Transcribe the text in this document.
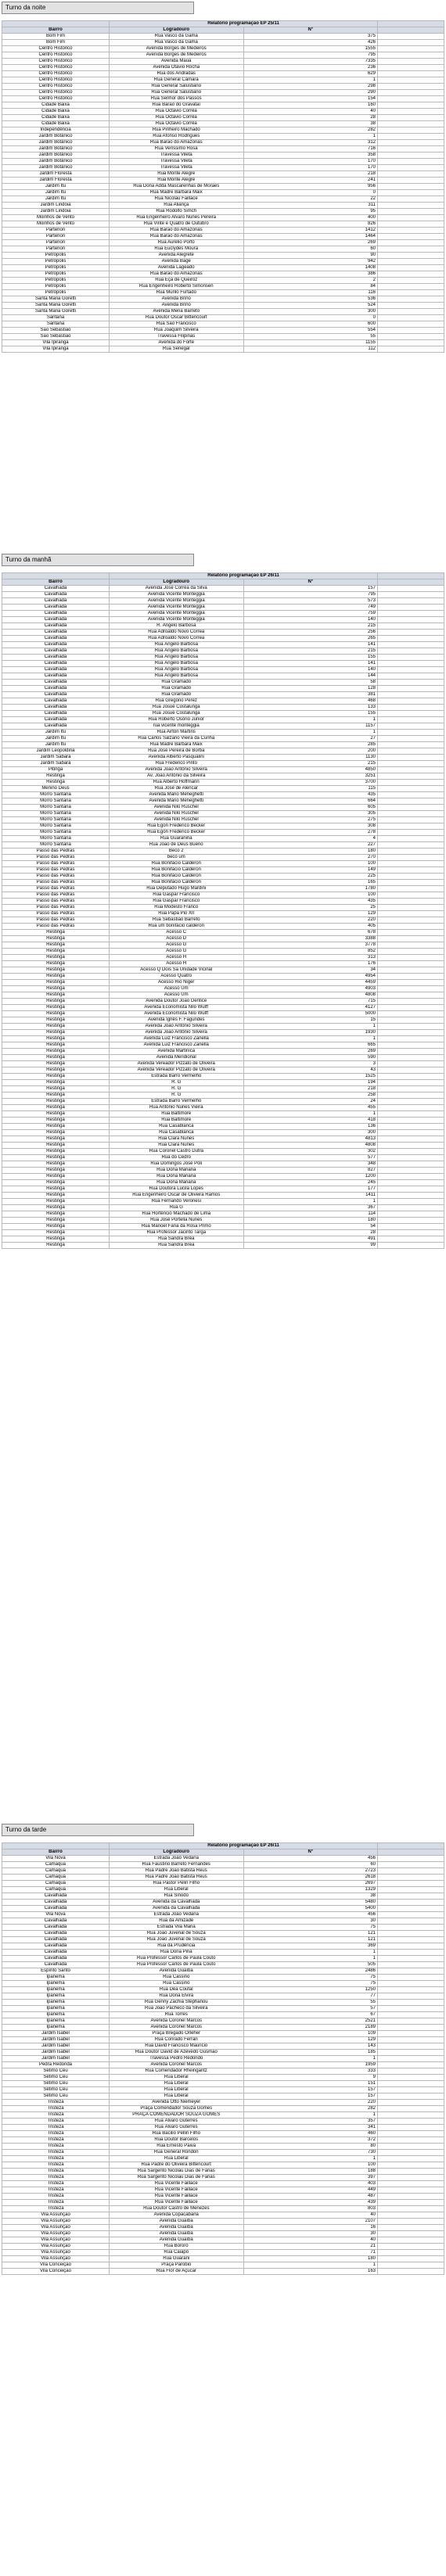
Turno da noite
	Relatório programação EP 25/11		
Bairro	Logradouro	Nº	
Bom Fim	Rua Vasco da Gama	375	
Bom Fim	Rua Vasco da Gama	426	
Centro Histórico	Avenida Borges de Medeiros	1555	
Centro Histórico	Avenida Borges de Medeiros	795	
Centro Histórico	Avenida Mauá	7335	
Centro Histórico	Avenida Otávio Rocha	236	
Centro Histórico	Rua dos Andradas	629	
Centro Histórico	Rua General Câmara	1	
Centro Histórico	Rua General Salustiano	298	
Centro Histórico	Rua General Salustiano	290	
Centro Histórico	Rua Senhor dos Passos	154	
Cidade Baixa	Rua Barão do Gravataí	160	
Cidade Baixa	Rua Octávio Corrêa	40	
Cidade Baixa	Rua Octávio Corrêa	28	
Cidade Baixa	Rua Octávio Corrêa	38	
Independência	Rua Pinheiro Machado	282	
Jardim Botânico	Rua Afonso Rodrigues	1	
Jardim Botânico	Rua Barão do Amazonas	312	
Jardim Botânico	Rua Veríssimo Rosa	716	
Jardim Botânico	Travessa Vileta	358	
Jardim Botânico	Travessa Vileta	170	
Jardim Botânico	Travessa Vileta	170	
Jardim Floresta	Rua Monte Alegre	218	
Jardim Floresta	Rua Monte Alegre	241	
Jardim Itu	Rua Dona Adda Mascarenhas de Moraes	956	
Jardim Itu	Rua Madre Bárbara Maix	0	
Jardim Itu	Rua Nicolau Faillace	22	
Jardim Lindóia	Rua Aliança	311	
Jardim Lindóia	Rua Rodolfo Simch	95	
Moinhos de Vento	Rua Engenheiro Alvaro Nunes Pereira	400	
Moinhos de Vento	Rua Vinte e Quatro de Outubro	826	
Partenon	Rua Barão do Amazonas	1412	
Partenon	Rua Barão do Amazonas	1464	
Partenon	Rua Aurélio Porto	269	
Partenon	Rua Euclydes Moura	60	
Petrópolis	Avenida Alegrete	90	
Petrópolis	Avenida Bagé	942	
Petrópolis	Avenida Lageado	1408	
Petrópolis	Rua Barão do Amazonas	386	
Petrópolis	Rua Eça de Queiroz	2	
Petrópolis	Rua Engenheiro Roberto Simonsen	84	
Petrópolis	Rua Murilo Furtado	116	
Santa Maria Goretti	Avenida Brino	536	
Santa Maria Goretti	Avenida Brino	524	
Santa Maria Goretti	Avenida Mena Barreto	300	
Santana	Rua Doutor Oscar Bittencourt	0	
Santana	Rua São Francisco	600	
São Sebastião	Rua Joaquim Silveira	554	
São Sebastião	Travessa Filipinas	55	
Vila Ipiranga	Avenida do Forte	1155	
Vila Ipiranga	Rua Senegal	112	
Turno da manhã
	Relatório programação EP 26/11		
Bairro	Logradouro	Nº	
Cavalhada	Avenida José Corrêa da Silva	157	
Cavalhada	Avenida Vicente Monteggia	795	
Cavalhada	Avenida Vicente Monteggia	573	
Cavalhada	Avenida Vicente Monteggia	749	
Cavalhada	Avenida Vicente Monteggia	759	
Cavalhada	Avenida Vicente Monteggia	140	
Cavalhada	R. Ângelo Barbosa	215	
Cavalhada	Rua Adroaldo Novo Correa	256	
Cavalhada	Rua Adroaldo Novo Correa	265	
Cavalhada	Rua Ângelo Barbosa	141	
Cavalhada	Rua Ângelo Barbosa	215	
Cavalhada	Rua Ângelo Barbosa	155	
Cavalhada	Rua Ângelo Barbosa	141	
Cavalhada	Rua Ângelo Barbosa	140	
Cavalhada	Rua Ângelo Barbosa	144	
Cavalhada	Rua Gramado	58	
Cavalhada	Rua Gramado	128	
Cavalhada	Rua Gramado	381	
Cavalhada	Rua Gregório Perez	468	
Cavalhada	Rua Josué Costalunga	133	
Cavalhada	Rua Josué Costalunga	155	
Cavalhada	Rua Roberto Osório Júnior	1	
Cavalhada	rua vicente monteggia	1157	
Jardim Itu	Rua Airton Martins	1	
Jardim Itu	Rua Carlos Salzano Vieira da Cunha	27	
Jardim Itu	Rua Madre Bárbara Maix	285	
Jardim Leopoldina	Rua José Pereira de Borba	200	
Jardim Sabará	Avenida Alberto Pasqualini	1130	
Jardim Sabará	Rua Frederico Pinto	215	
Pitinga	Avenida João Antônio Silveira	4850	
Restinga	Av. João Antônio da Silveira	3251	
Restinga	Rua Alberto Hoffmann	3700	
Menino Deus	Rua José de Alencar	115	
Morro Santana	Avenida Mário Meneghetti	435	
Morro Santana	Avenida Mário Meneghetti	664	
Morro Santana	Avenida Nilo Ruschel	605	
Morro Santana	Avenida Nilo Ruschel	305	
Morro Santana	Avenida Nilo Ruschel	275	
Morro Santana	Rua Egon Frederico Becker	308	
Morro Santana	Rua Egon Frederico Becker	278	
Morro Santana	Rua Guaraniná	4	
Morro Santana	Rua João de Deus Bueno	227	
Passo das Pedras	Beco 2	180	
Passo das Pedras	beco um	270	
Passo das Pedras	Rua Bonifácio Calderon	100	
Passo das Pedras	Rua Bonifácio Calderon	149	
Passo das Pedras	Rua Bonifácio Calderon	225	
Passo das Pedras	Rua Bonifácio Calderon	165	
Passo das Pedras	Rua Deputado Hugo Mardini	1780	
Passo das Pedras	Rua Gaspar Francisco	100	
Passo das Pedras	Rua Gaspar Francisco	435	
Passo das Pedras	Rua Modesto Franco	25	
Passo das Pedras	Rua Papa Pio XII	129	
Passo das Pedras	Rua Sebastião Barreto	220	
Passo das Pedras	Rua um bonifácio calderon	405	
Restinga	Acesso C	678	
Restinga	Acesso D	3388	
Restinga	Acesso G	3778	
Restinga	Acesso G	852	
Restinga	Acesso H	313	
Restinga	Acesso H	176	
Restinga	Acesso Q Dois Sa Unidade Vicinal	34	
Restinga	Acesso Quatro	4954	
Restinga	Acesso Rio Niger	4459	
Restinga	Acesso Um	4903	
Restinga	Acesso Um	4808	
Restinga	Avenida Doutor João Dentice	715	
Restinga	Avenida Economista Nilo Wulff	4127	
Restinga	Avenida Economista Nilo Wulff	5000	
Restinga	Avenida Ignês F. Fagundes	15	
Restinga	Avenida João Antônio Silveira	1	
Restinga	Avenida João Antônio Silveira	1930	
Restinga	Avenida Luiz Francisco Zanella	1	
Restinga	Avenida Luiz Francisco Zanella	665	
Restinga	Avenida Martinica	269	
Restinga	Avenida Meridional	590	
Restinga	Avenida Vereador Pizzato de Oliveira	3	
Restinga	Avenida Vereador Pizzato de Oliveira	43	
Restinga	Estrada Barro Vermelho	1525	
Restinga	R. G	194	
Restinga	R. G	218	
Restinga	R. G	258	
Restinga	Estrada Barro Vermelho	24	
Restinga	Rua Antonio Nunes Vieira	455	
Restinga	Rua Baltimore	1	
Restinga	Rua Baltimore	418	
Restinga	Rua Casablanca	136	
Restinga	Rua Casablanca	300	
Restinga	Rua Clara Nunes	4813	
Restinga	Rua Clara Nunes	4808	
Restinga	Rua Coronel Castro Dutra	302	
Restinga	Rua do Cedro	577	
Restinga	Rua Domingos José Poli	348	
Restinga	Rua Dona Mariana	827	
Restinga	Rua Dona Mariana	1200	
Restinga	Rua Dona Mariana	245	
Restinga	Rua Doutora Lucila Lopes	177	
Restinga	Rua Engenheiro Oscar de Oliveira Ramos	1411	
Restinga	Rua Fernando Veronesi	1	
Restinga	Rua G	367	
Restinga	Rua Hortêncio Machado de Lima	114	
Restinga	Rua José Portella Nunes	180	
Restinga	Rua Manoel Faria da Rosa Primo	54	
Restinga	Rua Professor Jacinto Targa	28	
Restinga	Rua Sandra Brèa	491	
Restinga	Rua Sandra Brèa	99	
Turno da tarde
	Relatório programação EP 26/11		
Bairro	Logradouro	Nº	
Vila Nova	Estrada João Vedana	456	
Camaquã	Rua Faustino Barreto Fernandes	60	
Camaquã	Rua Padre João Batista Reus	2723	
Camaquã	Rua Padre João Batista Reus	2618	
Camaquã	Rua Pastor Pelin Filho	2697	
Camaquã	Rua Liberal	1329	
Cavalhada	Rua Sinodo	38	
Cavalhada	Avenida da Cavalhada	5480	
Cavalhada	Avenida da Cavalhada	5400	
Vila Nova	Estrada João Vedana	456	
Cavalhada	Rua da Amizade	30	
Cavalhada	Estrada Vila Maria	75	
Cavalhada	Rua João Juvenal de Souza	121	
Cavalhada	Rua João Juvenal de Souza	121	
Cavalhada	Rua da Prudência	369	
Cavalhada	Rua Dona Pina	1	
Cavalhada	Rua Professor Carlos de Paula Couto	1	
Cavalhada	Rua Professor Carlos de Paula Couto	505	
Espírito Santo	Avenida Guaíba	2486	
Ipanema	Rua Cassino	75	
Ipanema	Rua Cassino	75	
Ipanema	Rua Déa Coufal	1250	
Ipanema	Rua Dona Elvira	77	
Ipanema	Rua Genny Zachia Stephanou	55	
Ipanema	Rua João Pacheco da Silveira	57	
Ipanema	Rua Torres	67	
Ipanema	Avenida Coronel Marcos	2521	
Ipanema	Avenida Coronel Marcos	2189	
Jardim Isabel	Praça Bregado Orleher	109	
Jardim Isabel	Rua Conrado Ferrari	129	
Jardim Isabel	Rua David Francisco Mauricio	143	
Jardim Isabel	Rua Doutor David de Azevedo Gusmão	185	
Jardim Isabel	Travessa Pedro Redondo	1	
Pedra Redonda	Avenida Coronel Marcos	1959	
Sétimo Céu	Rua Comendador Rheingantz	333	
Sétimo Céu	Rua Liberal	9	
Sétimo Céu	Rua Liberal	151	
Sétimo Céu	Rua Liberal	157	
Sétimo Céu	Rua Liberal	157	
Tristeza	Avenida Otto Niemeyer	220	
Tristeza	Praça Comendador Souza Gomes	282	
Tristeza	PRAÇA COMENDADOR SOUZA GOMES	1	
Tristeza	Rua Álvaro Guterres	357	
Tristeza	Rua Álvaro Guterres	341	
Tristeza	Rua Bacilio Pellin Filho	460	
Tristeza	Rua Doutor Barcelos	372	
Tristeza	Rua Ernesto Paiva	80	
Tristeza	Rua General Rondon	730	
Tristeza	Rua Liberal	1	
Tristeza	Rua Padre do Oliveira Bittencourt	100	
Tristeza	Rua Sargento Nicolau Dias de Farias	188	
Tristeza	Rua Sargento Nicolau Dias de Farias	397	
Tristeza	Rua Vicente Faillace	403	
Tristeza	Rua Vicente Faillace	449	
Tristeza	Rua Vicente Faillace	487	
Tristeza	Rua Vicente Faillace	439	
Tristeza	Rua Doutor Castro de Menezes	803	
Vila Assunção	Avenida Copacabana	40	
Vila Assunção	Avenida Guaíba	2107	
Vila Assunção	Avenida Guaíba	16	
Vila Assunção	Avenida Guaíba	30	
Vila Assunção	Avenida Guaíba	40	
Vila Assunção	Rua Bororó	21	
Vila Assunção	Rua Caiapó	71	
Vila Assunção	Rua Guarani	180	
Vila Conceição	Praça Parobio	1	
Vila Conceição	Rua Flor de Açúcar	163	
